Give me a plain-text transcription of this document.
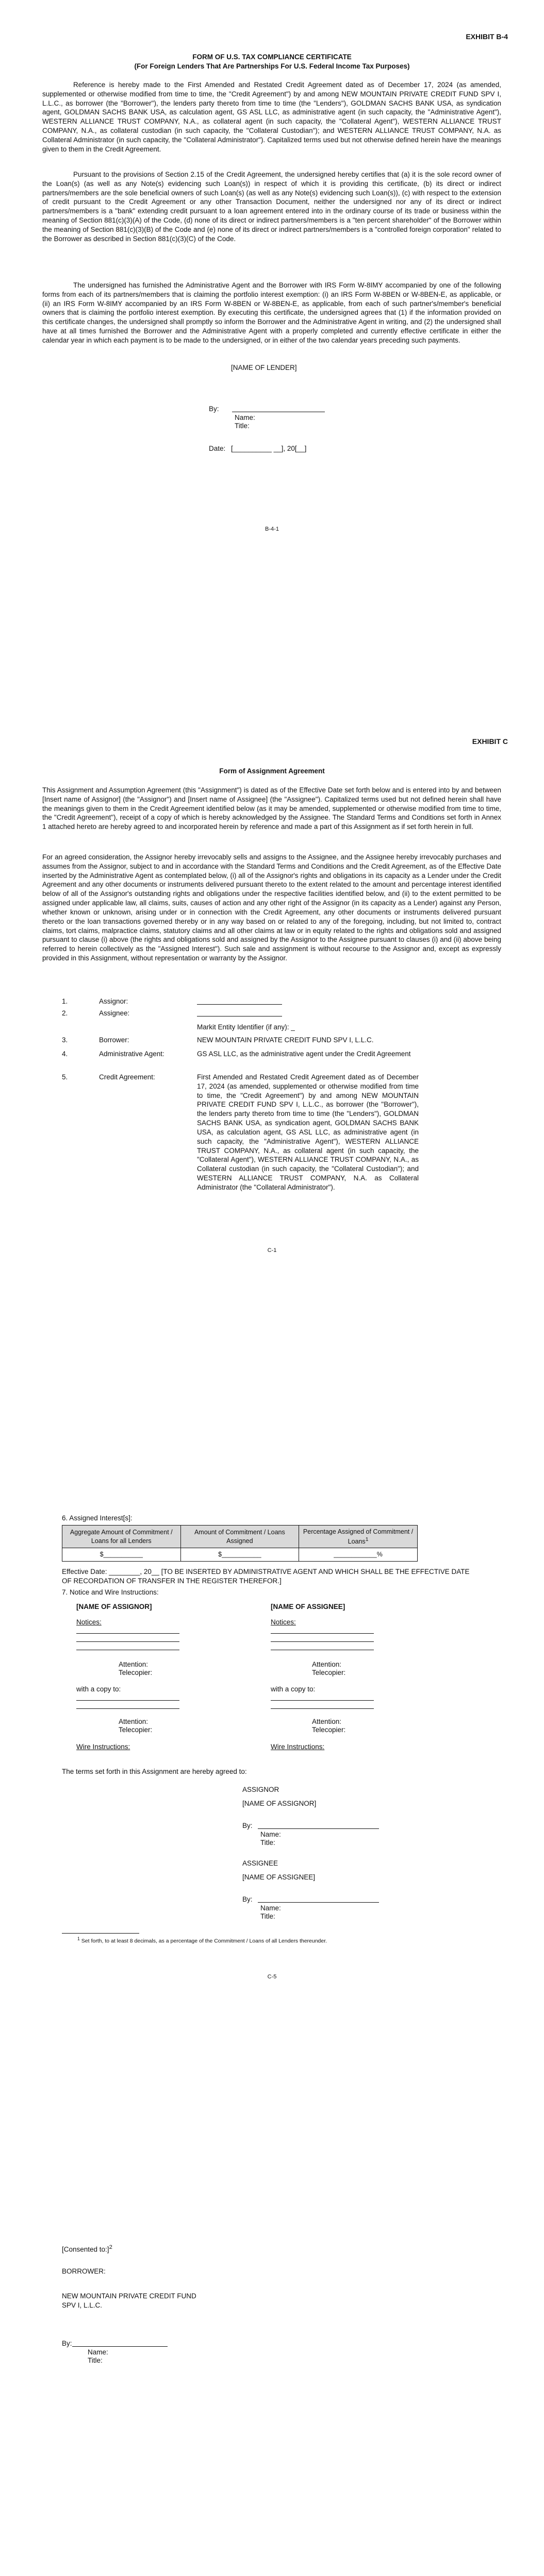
EXHIBIT B-4
FORM OF U.S. TAX COMPLIANCE CERTIFICATE
(For Foreign Lenders That Are Partnerships For U.S. Federal Income Tax Purposes)

Reference is hereby made to the First Amended and Restated Credit Agreement dated as of December 17, 2024 (as amended, supplemented or otherwise modified from time to time, the "Credit Agreement") by and among NEW MOUNTAIN PRIVATE CREDIT FUND SPV I, L.L.C., as borrower (the "Borrower"), the lenders party thereto from time to time (the "Lenders"), GOLDMAN SACHS BANK USA, as syndication agent, GOLDMAN SACHS BANK USA, as calculation agent, GS ASL LLC, as administrative agent (in such capacity, the "Administrative Agent"), WESTERN ALLIANCE TRUST COMPANY, N.A., as collateral agent (in such capacity, the "Collateral Agent"), WESTERN ALLIANCE TRUST COMPANY, N.A., as collateral custodian (in such capacity, the "Collateral Custodian"); and WESTERN ALLIANCE TRUST COMPANY, N.A. as Collateral Administrator (in such capacity, the "Collateral Administrator"). Capitalized terms used but not otherwise defined herein have the meanings given to them in the Credit Agreement.

Pursuant to the provisions of Section 2.15 of the Credit Agreement, the undersigned hereby certifies that (a) it is the sole record owner of the Loan(s) (as well as any Note(s) evidencing such Loan(s)) in respect of which it is providing this certificate, (b) its direct or indirect partners/members are the sole beneficial owners of such Loan(s) (as well as any Note(s) evidencing such Loan(s)), (c) with respect to the extension of credit pursuant to the Credit Agreement or any other Transaction Document, neither the undersigned nor any of its direct or indirect partners/members is a "bank" extending credit pursuant to a loan agreement entered into in the ordinary course of its trade or business within the meaning of Section 881(c)(3)(A) of the Code, (d) none of its direct or indirect partners/members is a "ten percent shareholder" of the Borrower within the meaning of Section 881(c)(3)(B) of the Code and (e) none of its direct or indirect partners/members is a "controlled foreign corporation" related to the Borrower as described in Section 881(c)(3)(C) of the Code.

The undersigned has furnished the Administrative Agent and the Borrower with IRS Form W-8IMY accompanied by one of the following forms from each of its partners/members that is claiming the portfolio interest exemption: (i) an IRS Form W-8BEN or W-8BEN-E, as applicable, or (ii) an IRS Form W-8IMY accompanied by an IRS Form W-8BEN or W-8BEN-E, as applicable, from each of such partner's/member's beneficial owners that is claiming the portfolio interest exemption. By executing this certificate, the undersigned agrees that (1) if the information provided on this certificate changes, the undersigned shall promptly so inform the Borrower and the Administrative Agent in writing, and (2) the undersigned shall have at all times furnished the Borrower and the Administrative Agent with a properly completed and currently effective certificate in either the calendar year in which each payment is to be made to the undersigned, or in either of the two calendar years preceding such payments.

[NAME OF LENDER]
By:
Name:
Title:
Date: [__________ __], 20[__]
B-4-1
EXHIBIT C
Form of Assignment Agreement

This Assignment and Assumption Agreement (this "Assignment") is dated as of the Effective Date set forth below and is entered into by and between [Insert name of Assignor] (the "Assignor") and [Insert name of Assignee] (the "Assignee"). Capitalized terms used but not defined herein shall have the meanings given to them in the Credit Agreement identified below (as it may be amended, supplemented or otherwise modified from time to time, the "Credit Agreement"), receipt of a copy of which is hereby acknowledged by the Assignee. The Standard Terms and Conditions set forth in Annex 1 attached hereto are hereby agreed to and incorporated herein by reference and made a part of this Assignment as if set forth herein in full.

For an agreed consideration, the Assignor hereby irrevocably sells and assigns to the Assignee, and the Assignee hereby irrevocably purchases and assumes from the Assignor, subject to and in accordance with the Standard Terms and Conditions and the Credit Agreement, as of the Effective Date inserted by the Administrative Agent as contemplated below, (i) all of the Assignor's rights and obligations in its capacity as a Lender under the Credit Agreement and any other documents or instruments delivered pursuant thereto to the extent related to the amount and percentage interest identified below of all of the Assignor's outstanding rights and obligations under the respective facilities identified below, and (ii) to the extent permitted to be assigned under applicable law, all claims, suits, causes of action and any other right of the Assignor (in its capacity as a Lender) against any Person, whether known or unknown, arising under or in connection with the Credit Agreement, any other documents or instruments delivered pursuant thereto or the loan transactions governed thereby or in any way based on or related to any of the foregoing, including, but not limited to, contract claims, tort claims, malpractice claims, statutory claims and all other claims at law or in equity related to the rights and obligations sold and assigned pursuant to clause (i) above (the rights and obligations sold and assigned by the Assignor to the Assignee pursuant to clauses (i) and (ii) above being referred to herein collectively as the "Assigned Interest"). Such sale and assignment is without recourse to the Assignor and, except as expressly provided in this Assignment, without representation or warranty by the Assignor.

1.	Assignor:
2.	Assignee:
Markit Entity Identifier (if any): _
3.	Borrower:	NEW MOUNTAIN PRIVATE CREDIT FUND SPV I, L.L.C.
4.	Administrative Agent:	GS ASL LLC, as the administrative agent under the Credit Agreement
5.	Credit Agreement:	First Amended and Restated Credit Agreement dated as of December 17, 2024 (as amended, supplemented or otherwise modified from time to time, the "Credit Agreement") by and among NEW MOUNTAIN PRIVATE CREDIT FUND SPV I, L.L.C., as borrower (the "Borrower"), the lenders party thereto from time to time (the "Lenders"), GOLDMAN SACHS BANK USA, as syndication agent, GOLDMAN SACHS BANK USA, as calculation agent, GS ASL LLC, as administrative agent (in such capacity, the "Administrative Agent"), WESTERN ALLIANCE TRUST COMPANY, N.A., as collateral agent (in such capacity, the "Collateral Agent"), WESTERN ALLIANCE TRUST COMPANY, N.A., as Collateral custodian (in such capacity, the "Collateral Custodian"); and WESTERN ALLIANCE TRUST COMPANY, N.A. as Collateral Administrator (the "Collateral Administrator").
C-1
6. Assigned Interest[s]:
Aggregate Amount of Commitment / Loans for all Lenders	Amount of Commitment / Loans Assigned	Percentage Assigned of Commitment / Loans$^1$
$___________	$___________	____________%

Effective Date: ________, 20__ [TO BE INSERTED BY ADMINISTRATIVE AGENT AND WHICH SHALL BE THE EFFECTIVE DATE OF RECORDATION OF TRANSFER IN THE REGISTER THEREFOR.]

7. Notice and Wire Instructions:
[NAME OF ASSIGNOR]
Notices:
Attention:
Telecopier:
with a copy to:
Attention:
Telecopier:
Wire Instructions:
[NAME OF ASSIGNEE]
Notices:
Attention:
Telecopier:
with a copy to:
Attention:
Telecopier:
Wire Instructions:
The terms set forth in this Assignment are hereby agreed to:
ASSIGNOR
[NAME OF ASSIGNOR]
By:
Name:
Title:
ASSIGNEE
[NAME OF ASSIGNEE]
By:
Name:
Title:
$^1$ Set forth, to at least 8 decimals, as a percentage of the Commitment / Loans of all Lenders thereunder.
C-5
[Consented to:]$^2$
BORROWER:
NEW MOUNTAIN PRIVATE CREDIT FUND SPV I, L.L.C.
By:
Name:
Title:
